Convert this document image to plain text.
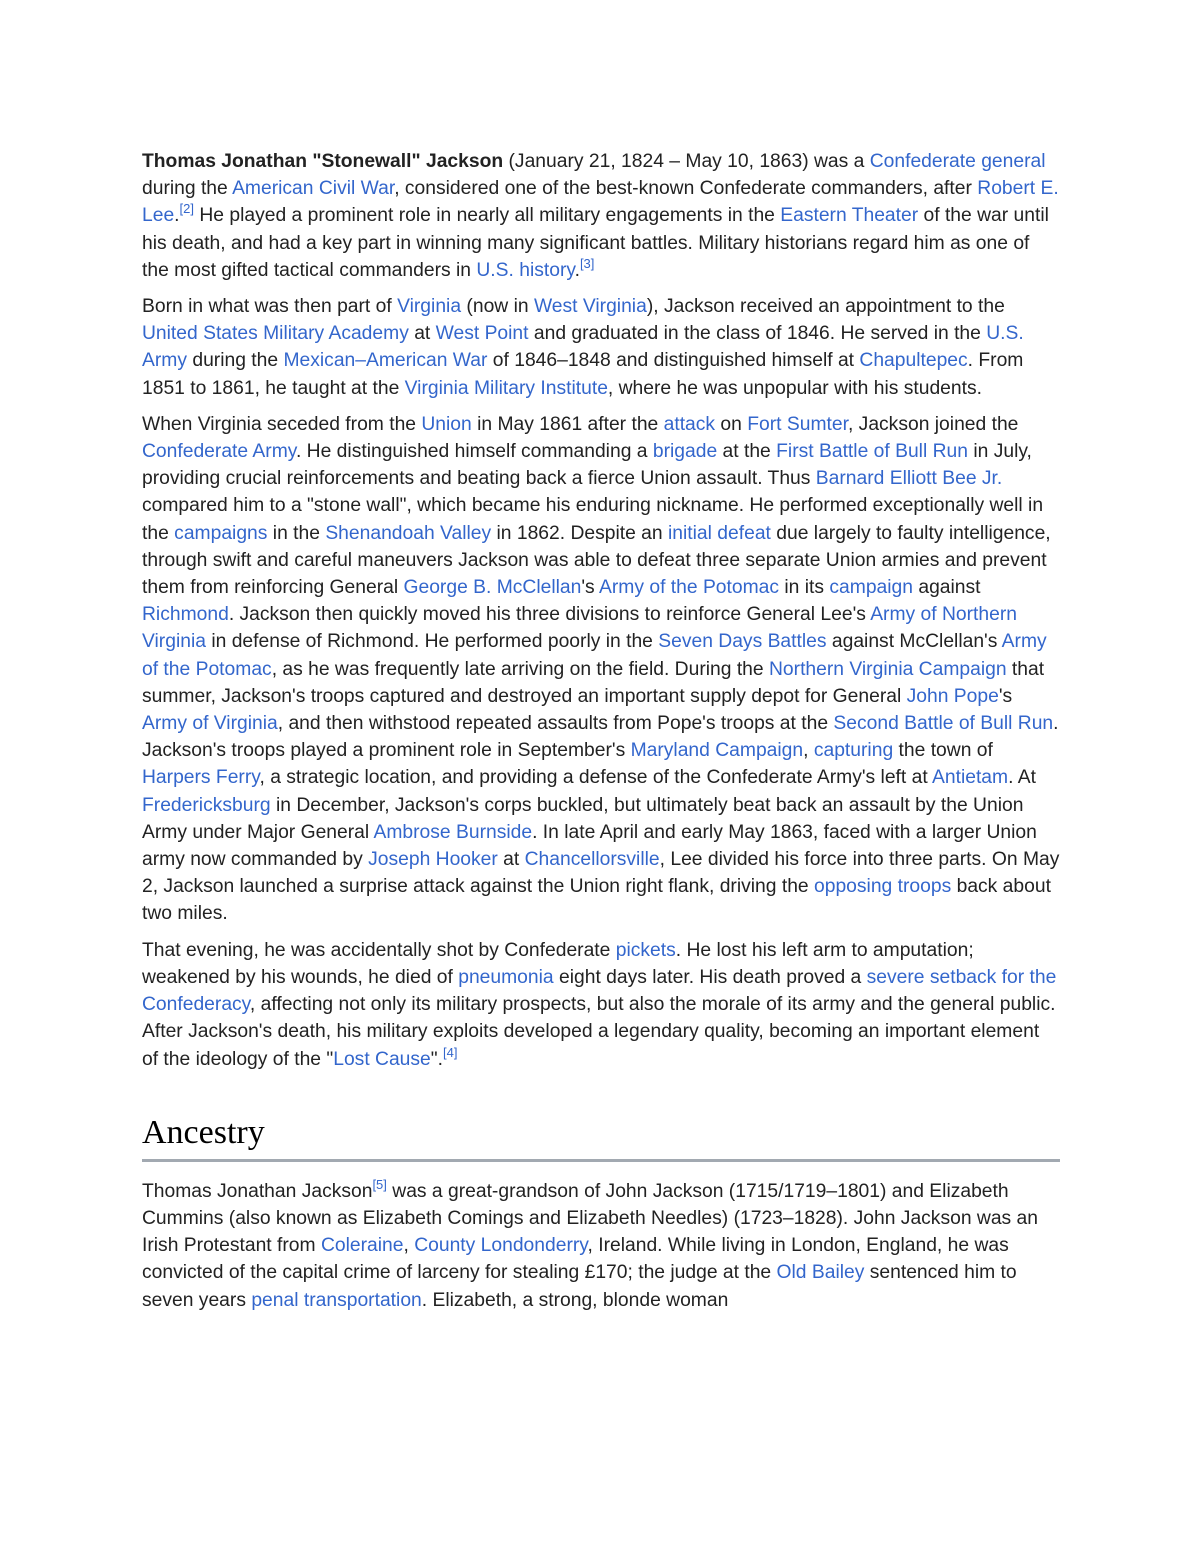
Thomas Jonathan "Stonewall" Jackson (January 21, 1824 – May 10, 1863) was a Confederate general during the American Civil War, considered one of the best-known Confederate commanders, after Robert E. Lee.[2] He played a prominent role in nearly all military engagements in the Eastern Theater of the war until his death, and had a key part in winning many significant battles. Military historians regard him as one of the most gifted tactical commanders in U.S. history.[3]

Born in what was then part of Virginia (now in West Virginia), Jackson received an appointment to the United States Military Academy at West Point and graduated in the class of 1846. He served in the U.S. Army during the Mexican–American War of 1846–1848 and distinguished himself at Chapultepec. From 1851 to 1861, he taught at the Virginia Military Institute, where he was unpopular with his students.

When Virginia seceded from the Union in May 1861 after the attack on Fort Sumter, Jackson joined the Confederate Army. He distinguished himself commanding a brigade at the First Battle of Bull Run in July, providing crucial reinforcements and beating back a fierce Union assault. Thus Barnard Elliott Bee Jr. compared him to a "stone wall", which became his enduring nickname. He performed exceptionally well in the campaigns in the Shenandoah Valley in 1862. Despite an initial defeat due largely to faulty intelligence, through swift and careful maneuvers Jackson was able to defeat three separate Union armies and prevent them from reinforcing General George B. McClellan's Army of the Potomac in its campaign against Richmond. Jackson then quickly moved his three divisions to reinforce General Lee's Army of Northern Virginia in defense of Richmond. He performed poorly in the Seven Days Battles against McClellan's Army of the Potomac, as he was frequently late arriving on the field. During the Northern Virginia Campaign that summer, Jackson's troops captured and destroyed an important supply depot for General John Pope's Army of Virginia, and then withstood repeated assaults from Pope's troops at the Second Battle of Bull Run. Jackson's troops played a prominent role in September's Maryland Campaign, capturing the town of Harpers Ferry, a strategic location, and providing a defense of the Confederate Army's left at Antietam. At Fredericksburg in December, Jackson's corps buckled, but ultimately beat back an assault by the Union Army under Major General Ambrose Burnside. In late April and early May 1863, faced with a larger Union army now commanded by Joseph Hooker at Chancellorsville, Lee divided his force into three parts. On May 2, Jackson launched a surprise attack against the Union right flank, driving the opposing troops back about two miles.

That evening, he was accidentally shot by Confederate pickets. He lost his left arm to amputation; weakened by his wounds, he died of pneumonia eight days later. His death proved a severe setback for the Confederacy, affecting not only its military prospects, but also the morale of its army and the general public. After Jackson's death, his military exploits developed a legendary quality, becoming an important element of the ideology of the "Lost Cause".[4]

Ancestry

Thomas Jonathan Jackson[5] was a great-grandson of John Jackson (1715/1719–1801) and Elizabeth Cummins (also known as Elizabeth Comings and Elizabeth Needles) (1723–1828). John Jackson was an Irish Protestant from Coleraine, County Londonderry, Ireland. While living in London, England, he was convicted of the capital crime of larceny for stealing £170; the judge at the Old Bailey sentenced him to seven years penal transportation. Elizabeth, a strong, blonde woman
